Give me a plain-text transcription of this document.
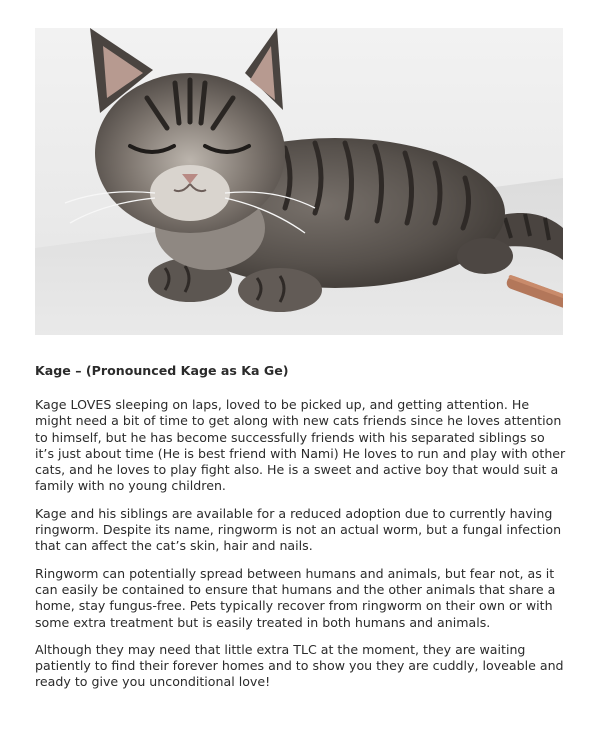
Kage – (Pronounced Kage as Ka Ge)

Kage LOVES sleeping on laps, loved to be picked up, and getting attention. He might need a bit of time to get along with new cats friends since he loves attention to himself, but he has become successfully friends with his separated siblings so it’s just about time (He is best friend with Nami) He loves to run and play with other cats, and he loves to play fight also. He is a sweet and active boy that would suit a family with no young children.

Kage and his siblings are available for a reduced adoption due to currently having ringworm. Despite its name, ringworm is not an actual worm, but a fungal infection that can affect the cat’s skin, hair and nails.

Ringworm can potentially spread between humans and animals, but fear not, as it can easily be contained to ensure that humans and the other animals that share a home, stay fungus-free. Pets typically recover from ringworm on their own or with some extra treatment but is easily treated in both humans and animals.

Although they may need that little extra TLC at the moment, they are waiting patiently to find their forever homes and to show you they are cuddly, loveable and ready to give you unconditional love!
